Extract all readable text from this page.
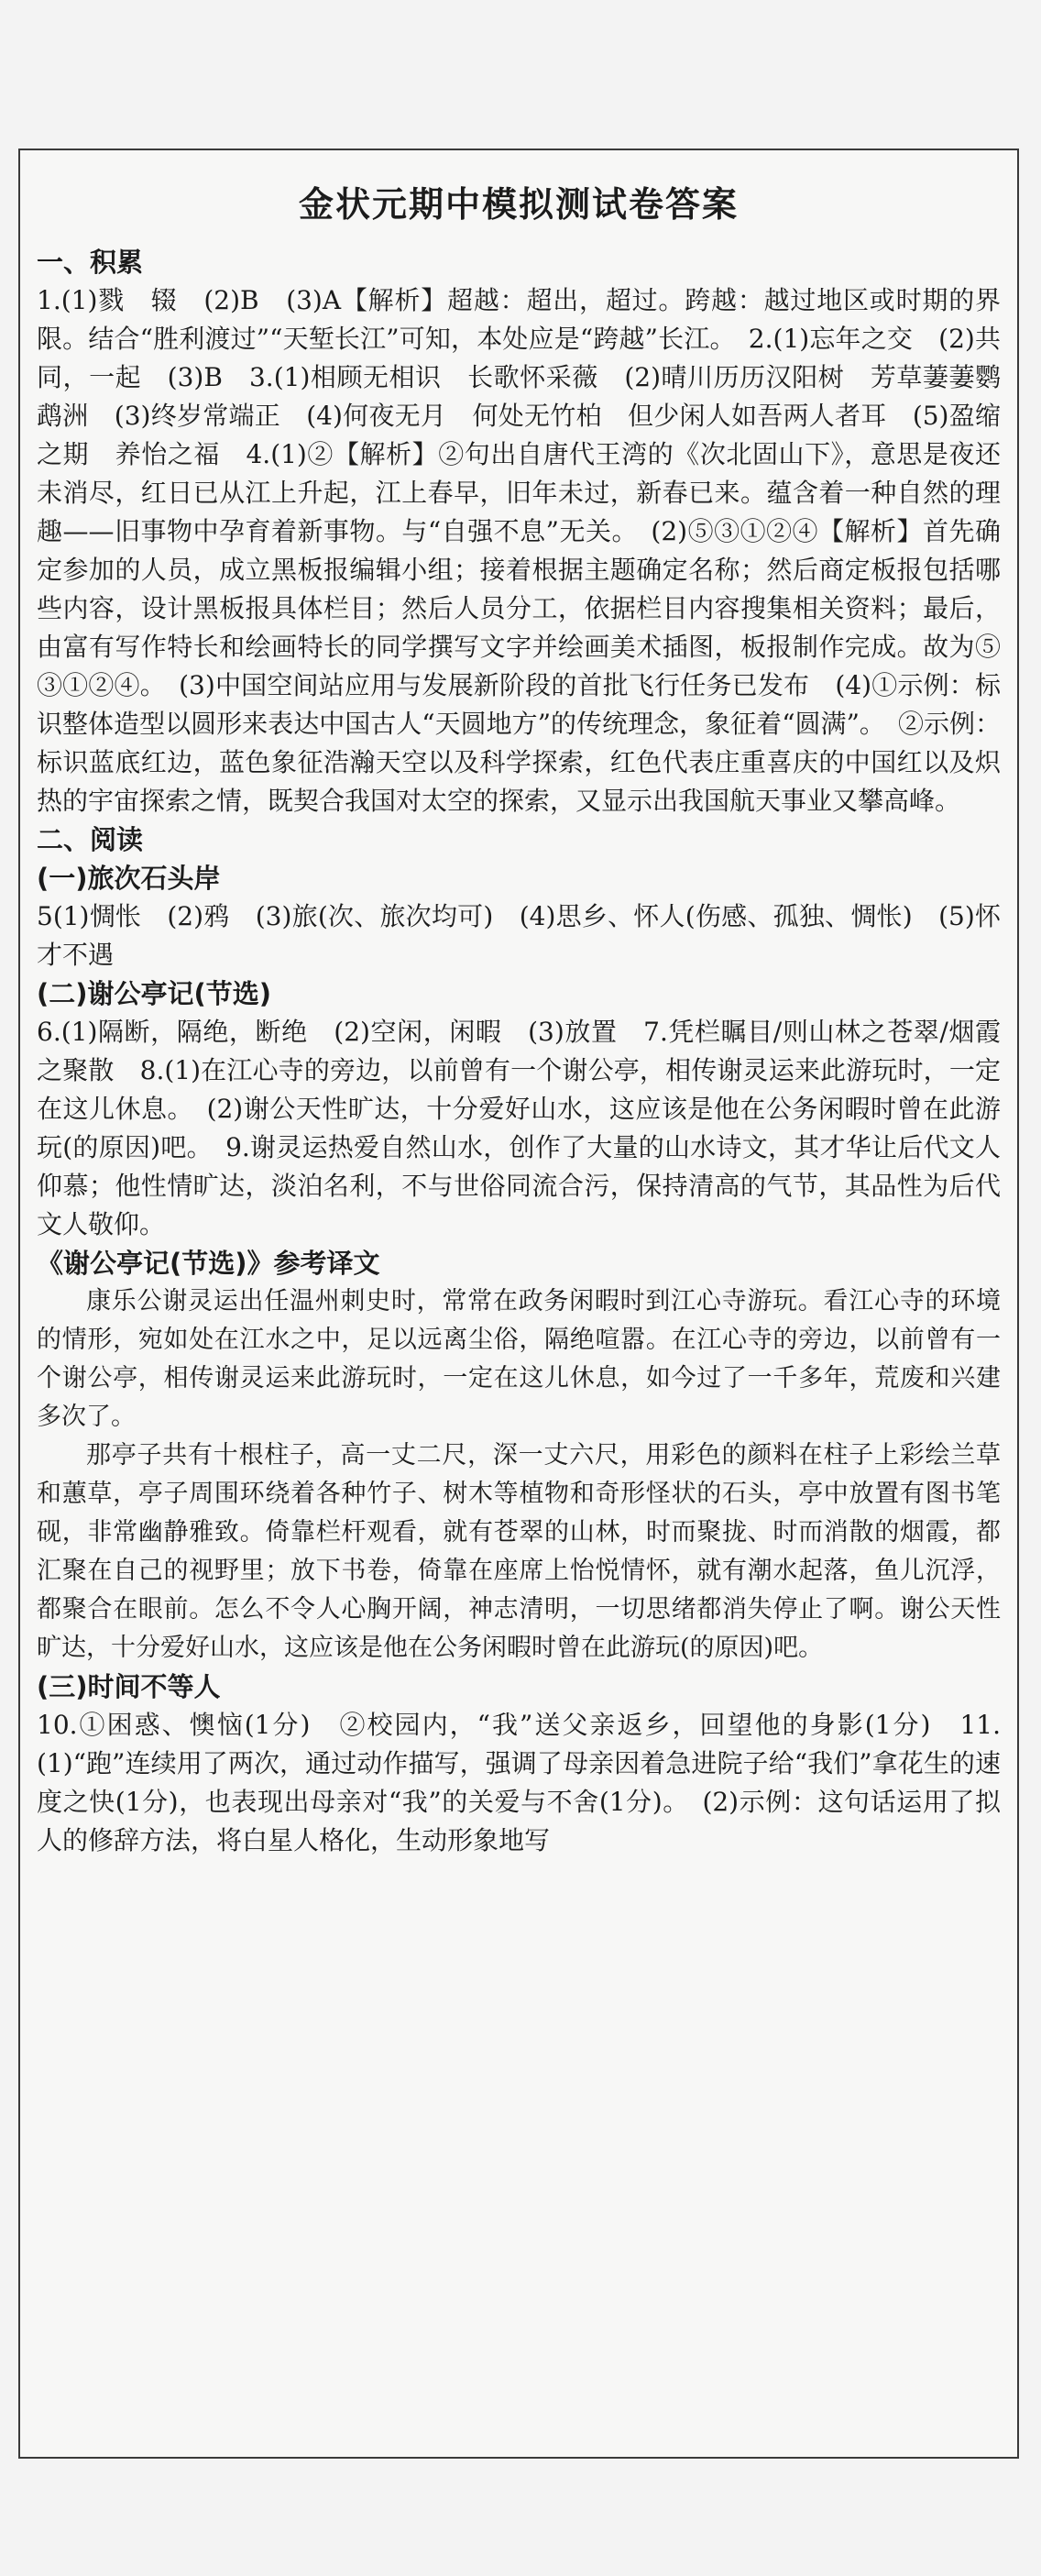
金状元期中模拟测试卷答案
一、积累

1.(1)戮　辍　(2)B　(3)A【解析】超越：超出，超过。跨越：越过地区或时期的界限。结合“胜利渡过”“天堑长江”可知，本处应是“跨越”长江。　2.(1)忘年之交　(2)共同，一起　(3)B　3.(1)相顾无相识　长歌怀采薇　(2)晴川历历汉阳树　芳草萋萋鹦鹉洲　(3)终岁常端正　(4)何夜无月　何处无竹柏　但少闲人如吾两人者耳　(5)盈缩之期　养怡之福　4.(1)②【解析】②句出自唐代王湾的《次北固山下》，意思是夜还未消尽，红日已从江上升起，江上春早，旧年未过，新春已来。蕴含着一种自然的理趣——旧事物中孕育着新事物。与“自强不息”无关。　(2)⑤③①②④【解析】首先确定参加的人员，成立黑板报编辑小组；接着根据主题确定名称；然后商定板报包括哪些内容，设计黑板报具体栏目；然后人员分工，依据栏目内容搜集相关资料；最后，由富有写作特长和绘画特长的同学撰写文字并绘画美术插图，板报制作完成。故为⑤③①②④。　(3)中国空间站应用与发展新阶段的首批飞行任务已发布　(4)①示例：标识整体造型以圆形来表达中国古人“天圆地方”的传统理念，象征着“圆满”。　②示例：标识蓝底红边，蓝色象征浩瀚天空以及科学探索，红色代表庄重喜庆的中国红以及炽热的宇宙探索之情，既契合我国对太空的探索，又显示出我国航天事业又攀高峰。

二、阅读
(一)旅次石头岸

5(1)惆怅　(2)鸦　(3)旅(次、旅次均可)　(4)思乡、怀人(伤感、孤独、惆怅)　(5)怀才不遇

(二)谢公亭记(节选)

6.(1)隔断，隔绝，断绝　(2)空闲，闲暇　(3)放置　7.凭栏瞩目/则山林之苍翠/烟霞之聚散　8.(1)在江心寺的旁边，以前曾有一个谢公亭，相传谢灵运来此游玩时，一定在这儿休息。　(2)谢公天性旷达，十分爱好山水，这应该是他在公务闲暇时曾在此游玩(的原因)吧。　9.谢灵运热爱自然山水，创作了大量的山水诗文，其才华让后代文人仰慕；他性情旷达，淡泊名利，不与世俗同流合污，保持清高的气节，其品性为后代文人敬仰。

《谢公亭记(节选)》参考译文

康乐公谢灵运出任温州刺史时，常常在政务闲暇时到江心寺游玩。看江心寺的环境的情形，宛如处在江水之中，足以远离尘俗，隔绝喧嚣。在江心寺的旁边，以前曾有一个谢公亭，相传谢灵运来此游玩时，一定在这儿休息，如今过了一千多年，荒废和兴建多次了。

那亭子共有十根柱子，高一丈二尺，深一丈六尺，用彩色的颜料在柱子上彩绘兰草和蕙草，亭子周围环绕着各种竹子、树木等植物和奇形怪状的石头，亭中放置有图书笔砚，非常幽静雅致。倚靠栏杆观看，就有苍翠的山林，时而聚拢、时而消散的烟霞，都汇聚在自己的视野里；放下书卷，倚靠在座席上怡悦情怀，就有潮水起落，鱼儿沉浮，都聚合在眼前。怎么不令人心胸开阔，神志清明，一切思绪都消失停止了啊。谢公天性旷达，十分爱好山水，这应该是他在公务闲暇时曾在此游玩(的原因)吧。

(三)时间不等人

10.①困惑、懊恼(1分)　②校园内，“我”送父亲返乡，回望他的身影(1分)　11.(1)“跑”连续用了两次，通过动作描写，强调了母亲因着急进院子给“我们”拿花生的速度之快(1分)，也表现出母亲对“我”的关爱与不舍(1分)。　(2)示例：这句话运用了拟人的修辞方法，将白星人格化，生动形象地写
